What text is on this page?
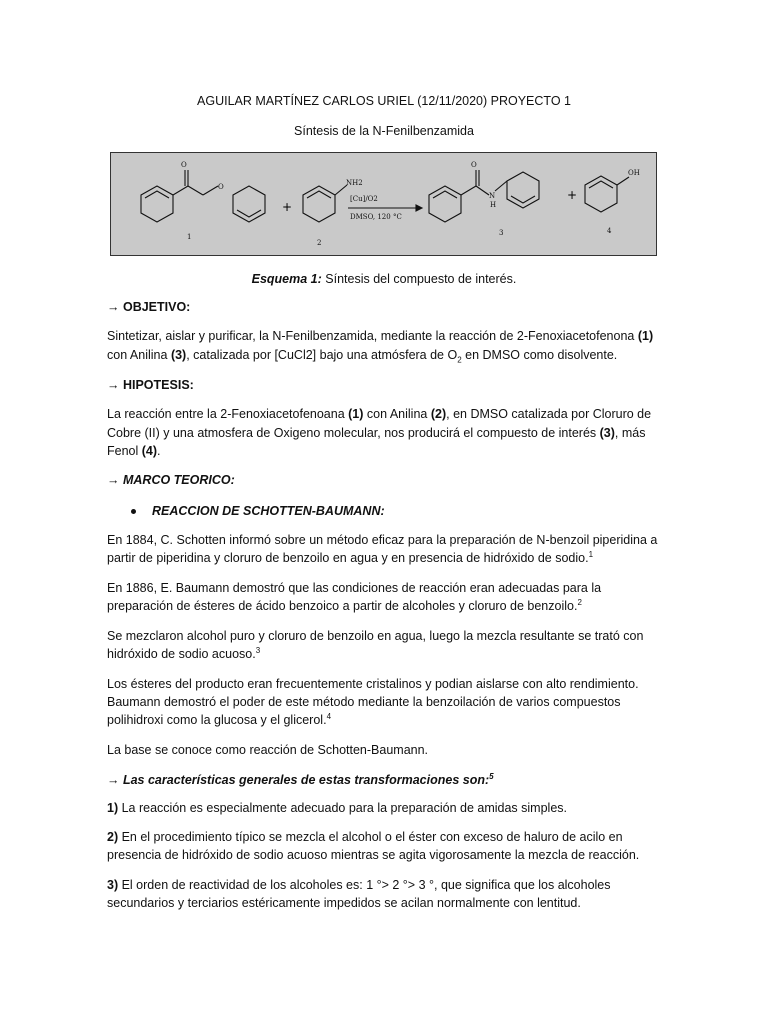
AGUILAR MARTÍNEZ CARLOS URIEL (12/11/2020) PROYECTO 1
Síntesis de la N-Fenilbenzamida
O
O	NH2
O
N
H
OH
[Cu]/O2
DMSO, 120 °C
+
+
1
2
3	4
Esquema 1: Síntesis del compuesto de interés.
→ OBJETIVO:
Sintetizar, aislar y purificar, la N-Fenilbenzamida, mediante la reacción de 2-Fenoxiacetofenona (1)
con Anilina (3), catalizada por [CuCl2] bajo una atmósfera de $O_2$ en DMSO como disolvente.
→ HIPOTESIS:
La reacción entre la 2-Fenoxiacetofenoana (1) con Anilina (2), en DMSO catalizada por Cloruro de
Cobre (II) y una atmosfera de Oxigeno molecular, nos producirá el compuesto de interés (3), más
Fenol (4).
→ MARCO TEORICO:
REACCION DE SCHOTTEN-BAUMANN:
En 1884, C. Schotten informó sobre un método eficaz para la preparación de N-benzoil piperidina a
partir de piperidina y cloruro de benzoilo en agua y en presencia de hidróxido de sodio.$^1$
En 1886, E. Baumann demostró que las condiciones de reacción eran adecuadas para la
preparación de ésteres de ácido benzoico a partir de alcoholes y cloruro de benzoilo.$^2$
Se mezclaron alcohol puro y cloruro de benzoilo en agua, luego la mezcla resultante se trató con
hidróxido de sodio acuoso.$^3$
Los ésteres del producto eran frecuentemente cristalinos y podian aislarse con alto rendimiento.
Baumann demostró el poder de este método mediante la benzoilación de varios compuestos
polihidroxi como la glucosa y el glicerol.$^4$
La base se conoce como reacción de Schotten-Baumann.
→ Las características generales de estas transformaciones son:$^5$
1) La reacción es especialmente adecuado para la preparación de amidas simples.
2) En el procedimiento típico se mezcla el alcohol o el éster con exceso de haluro de acilo en
presencia de hidróxido de sodio acuoso mientras se agita vigorosamente la mezcla de reacción.
3) El orden de reactividad de los alcoholes es: 1 °> 2 °> 3 °, que significa que los alcoholes
secundarios y terciarios estéricamente impedidos se acilan normalmente con lentitud.
